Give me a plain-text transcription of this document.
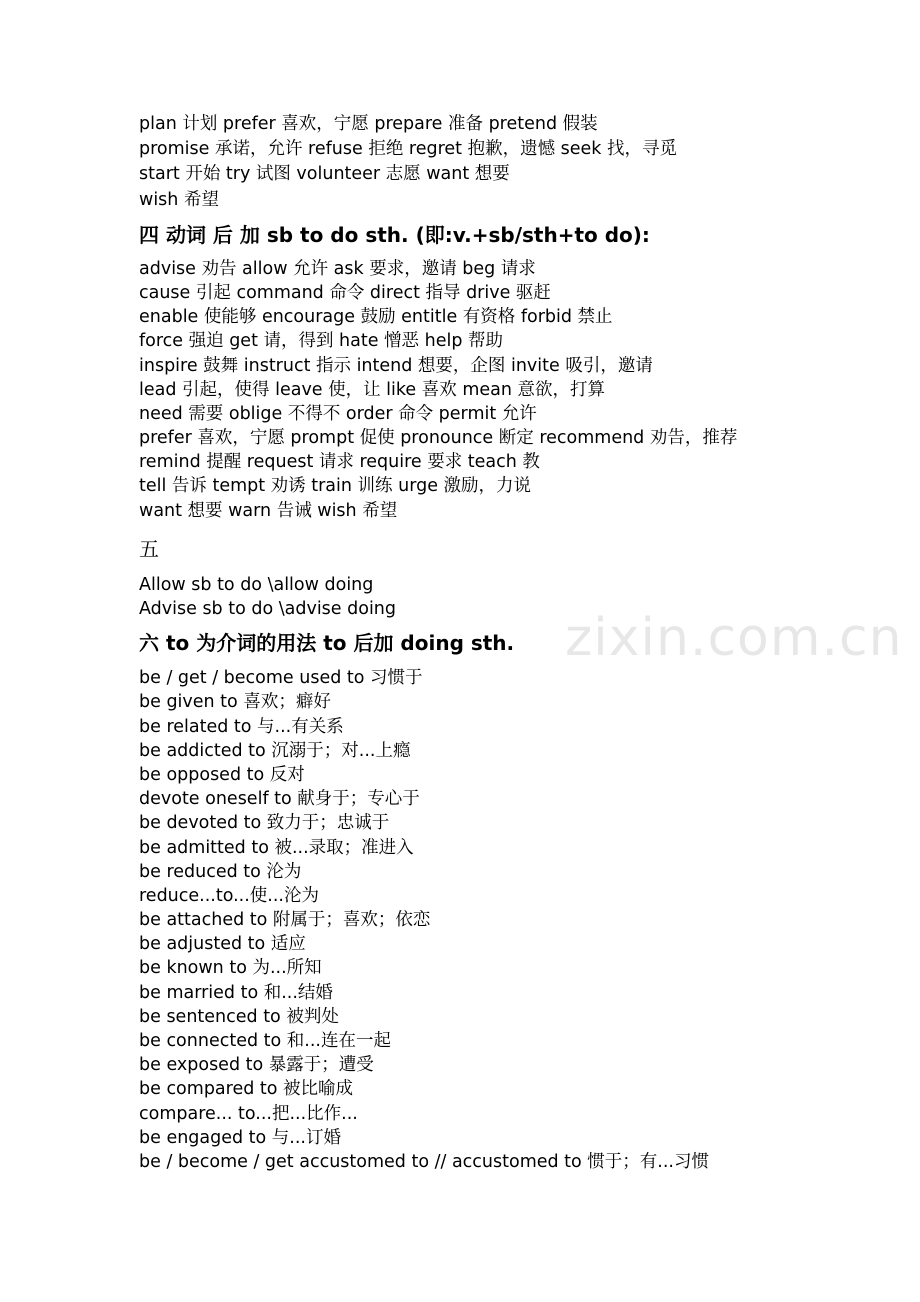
zixin.com.cn
plan 计划 prefer 喜欢，宁愿 prepare 准备 pretend 假装
promise 承诺，允许 refuse 拒绝 regret 抱歉，遗憾 seek 找，寻觅
start 开始 try 试图 volunteer 志愿 want 想要
wish 希望
四 动词 后 加 sb to do sth. (即:v.+sb/sth+to do):
advise 劝告 allow 允许 ask 要求，邀请 beg 请求
cause 引起 command 命令 direct 指导 drive 驱赶
enable 使能够 encourage 鼓励 entitle 有资格 forbid 禁止
force 强迫 get 请，得到 hate 憎恶 help 帮助
inspire 鼓舞 instruct 指示 intend 想要，企图 invite 吸引，邀请
lead 引起，使得 leave 使，让 like 喜欢 mean 意欲，打算
need 需要 oblige 不得不 order 命令 permit 允许
prefer 喜欢，宁愿 prompt 促使 pronounce 断定 recommend 劝告，推荐
remind 提醒 request 请求 require 要求 teach 教
tell 告诉 tempt 劝诱 train 训练 urge 激励，力说
want 想要 warn 告诫 wish 希望
五
Allow sb to do \allow doing
Advise sb to do \advise doing
六 to 为介词的用法 to 后加 doing sth.
be / get / become used to 习惯于
be given to 喜欢；癖好
be related to 与...有关系
be addicted to 沉溺于；对...上瘾
be opposed to 反对
devote oneself to 献身于；专心于
be devoted to 致力于；忠诚于
be admitted to 被...录取；准进入
be reduced to 沦为
reduce...to...使...沦为
be attached to 附属于；喜欢；依恋
be adjusted to 适应
be known to 为...所知
be married to 和...结婚
be sentenced to 被判处
be connected to 和...连在一起
be exposed to 暴露于；遭受
be compared to 被比喻成
compare... to...把...比作...
be engaged to 与...订婚
be / become / get accustomed to // accustomed to 惯于；有...习惯
